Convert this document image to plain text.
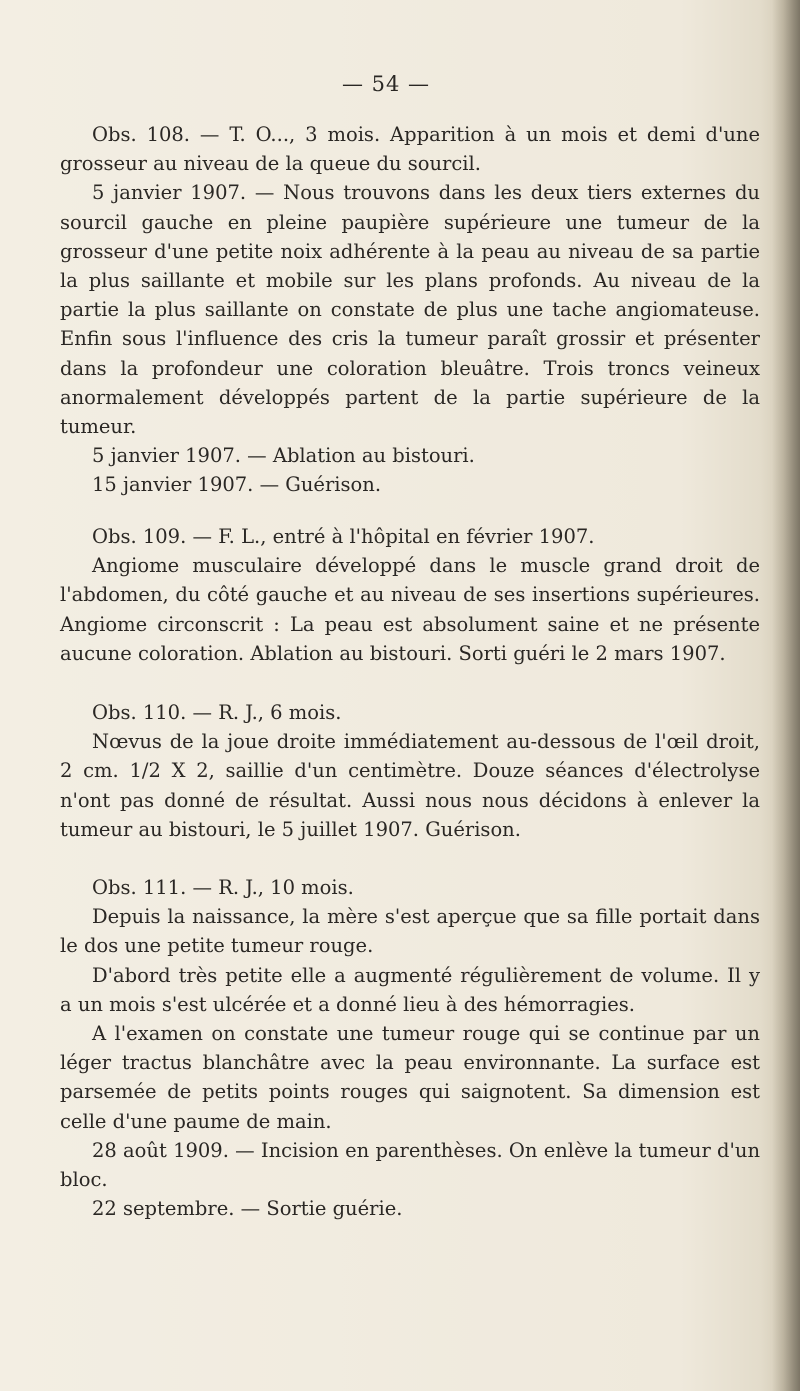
— 54 —

Obs. 108. — T. O..., 3 mois. Apparition à un mois et demi d'une grosseur au niveau de la queue du sourcil.

5 janvier 1907. — Nous trouvons dans les deux tiers externes du sourcil gauche en pleine paupière supérieure une tumeur de la grosseur d'une petite noix adhérente à la peau au niveau de sa partie la plus saillante et mobile sur les plans profonds. Au niveau de la partie la plus saillante on constate de plus une tache angiomateuse. Enfin sous l'influence des cris la tumeur paraît grossir et présenter dans la profondeur une coloration bleuâtre. Trois troncs veineux anormalement développés partent de la partie supérieure de la tumeur.

5 janvier 1907. — Ablation au bistouri.

15 janvier 1907. — Guérison.

Obs. 109. — F. L., entré à l'hôpital en février 1907.

Angiome musculaire développé dans le muscle grand droit de l'abdomen, du côté gauche et au niveau de ses insertions supérieures. Angiome circonscrit : La peau est absolument saine et ne présente aucune coloration. Ablation au bistouri. Sorti guéri le 2 mars 1907.

Obs. 110. — R. J., 6 mois.

Nœvus de la joue droite immédiatement au-dessous de l'œil droit, 2 cm. 1/2 X 2, saillie d'un centimètre. Douze séances d'électrolyse n'ont pas donné de résultat. Aussi nous nous décidons à enlever la tumeur au bistouri, le 5 juillet 1907. Guérison.

Obs. 111. — R. J., 10 mois.

Depuis la naissance, la mère s'est aperçue que sa fille portait dans le dos une petite tumeur rouge.

D'abord très petite elle a augmenté régulièrement de volume. Il y a un mois s'est ulcérée et a donné lieu à des hémorragies.

A l'examen on constate une tumeur rouge qui se continue par un léger tractus blanchâtre avec la peau environnante. La surface est parsemée de petits points rouges qui saignotent. Sa dimension est celle d'une paume de main.

28 août 1909. — Incision en parenthèses. On enlève la tumeur d'un bloc.

22 septembre. — Sortie guérie.
